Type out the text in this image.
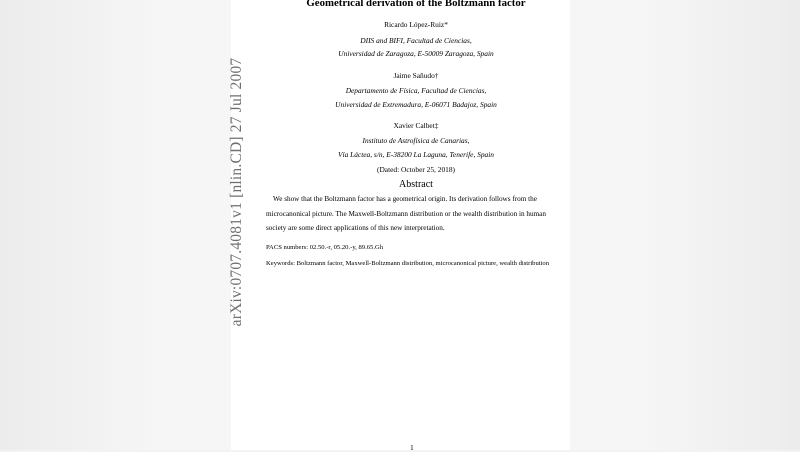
arXiv:0707.4081v1 [nlin.CD] 27 Jul 2007
Geometrical derivation of the Boltzmann factor
Ricardo López-Ruiz*
DIIS and BIFI, Facultad de Ciencias,
Universidad de Zaragoza, E-50009 Zaragoza, Spain
Jaime Sañudo†
Departamento de Física, Facultad de Ciencias,
Universidad de Extremadura, E-06071 Badajoz, Spain
Xavier Calbet‡
Instituto de Astrofísica de Canarias,
Vía Láctea, s/n, E-38200 La Laguna, Tenerife, Spain
(Dated: October 25, 2018)
Abstract
We show that the Boltzmann factor has a geometrical origin. Its derivation follows from the
microcanonical picture. The Maxwell-Boltzmann distribution or the wealth distribution in human
society are some direct applications of this new interpretation.
PACS numbers: 02.50.-r, 05.20.-y, 89.65.Gh
Keywords: Boltzmann factor, Maxwell-Boltzmann distribution, microcanonical picture, wealth distribution
1
